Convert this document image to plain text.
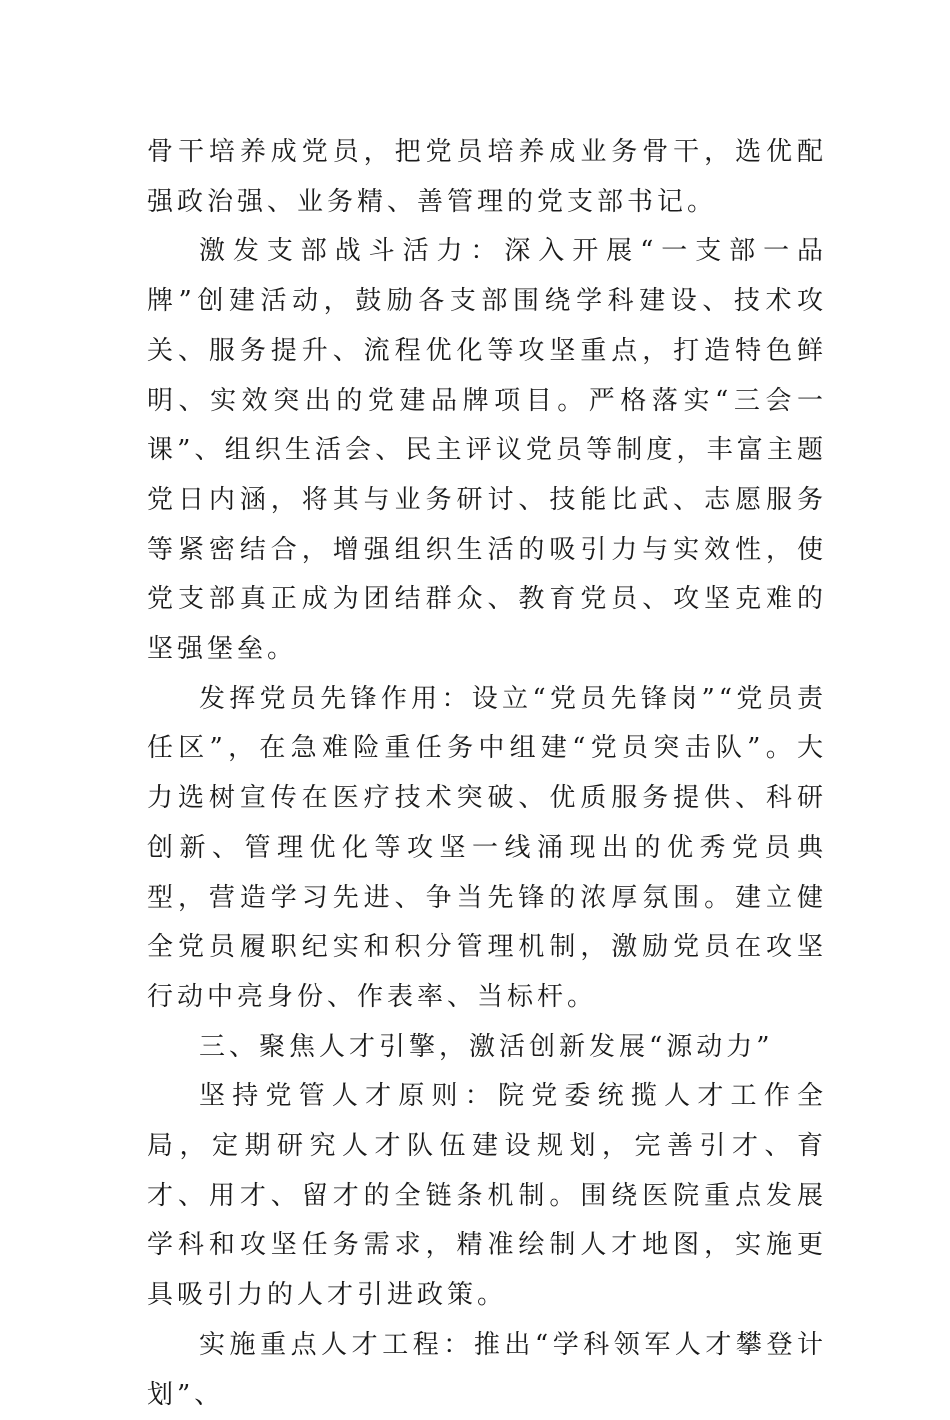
骨干培养成党员，把党员培养成业务骨干，选优配强政治强、业务精、善管理的党支部书记。

激发支部战斗活力：深入开展“一支部一品牌”创建活动，鼓励各支部围绕学科建设、技术攻关、服务提升、流程优化等攻坚重点，打造特色鲜明、实效突出的党建品牌项目。严格落实“三会一课”、组织生活会、民主评议党员等制度，丰富主题党日内涵，将其与业务研讨、技能比武、志愿服务等紧密结合，增强组织生活的吸引力与实效性，使党支部真正成为团结群众、教育党员、攻坚克难的坚强堡垒。

发挥党员先锋作用：设立“党员先锋岗”“党员责任区”，在急难险重任务中组建“党员突击队”。大力选树宣传在医疗技术突破、优质服务提供、科研创新、管理优化等攻坚一线涌现出的优秀党员典型，营造学习先进、争当先锋的浓厚氛围。建立健全党员履职纪实和积分管理机制，激励党员在攻坚行动中亮身份、作表率、当标杆。

三、聚焦人才引擎，激活创新发展“源动力”

坚持党管人才原则：院党委统揽人才工作全局，定期研究人才队伍建设规划，完善引才、育才、用才、留才的全链条机制。围绕医院重点发展学科和攻坚任务需求，精准绘制人才地图，实施更具吸引力的人才引进政策。

实施重点人才工程：推出“学科领军人才攀登计划”、
